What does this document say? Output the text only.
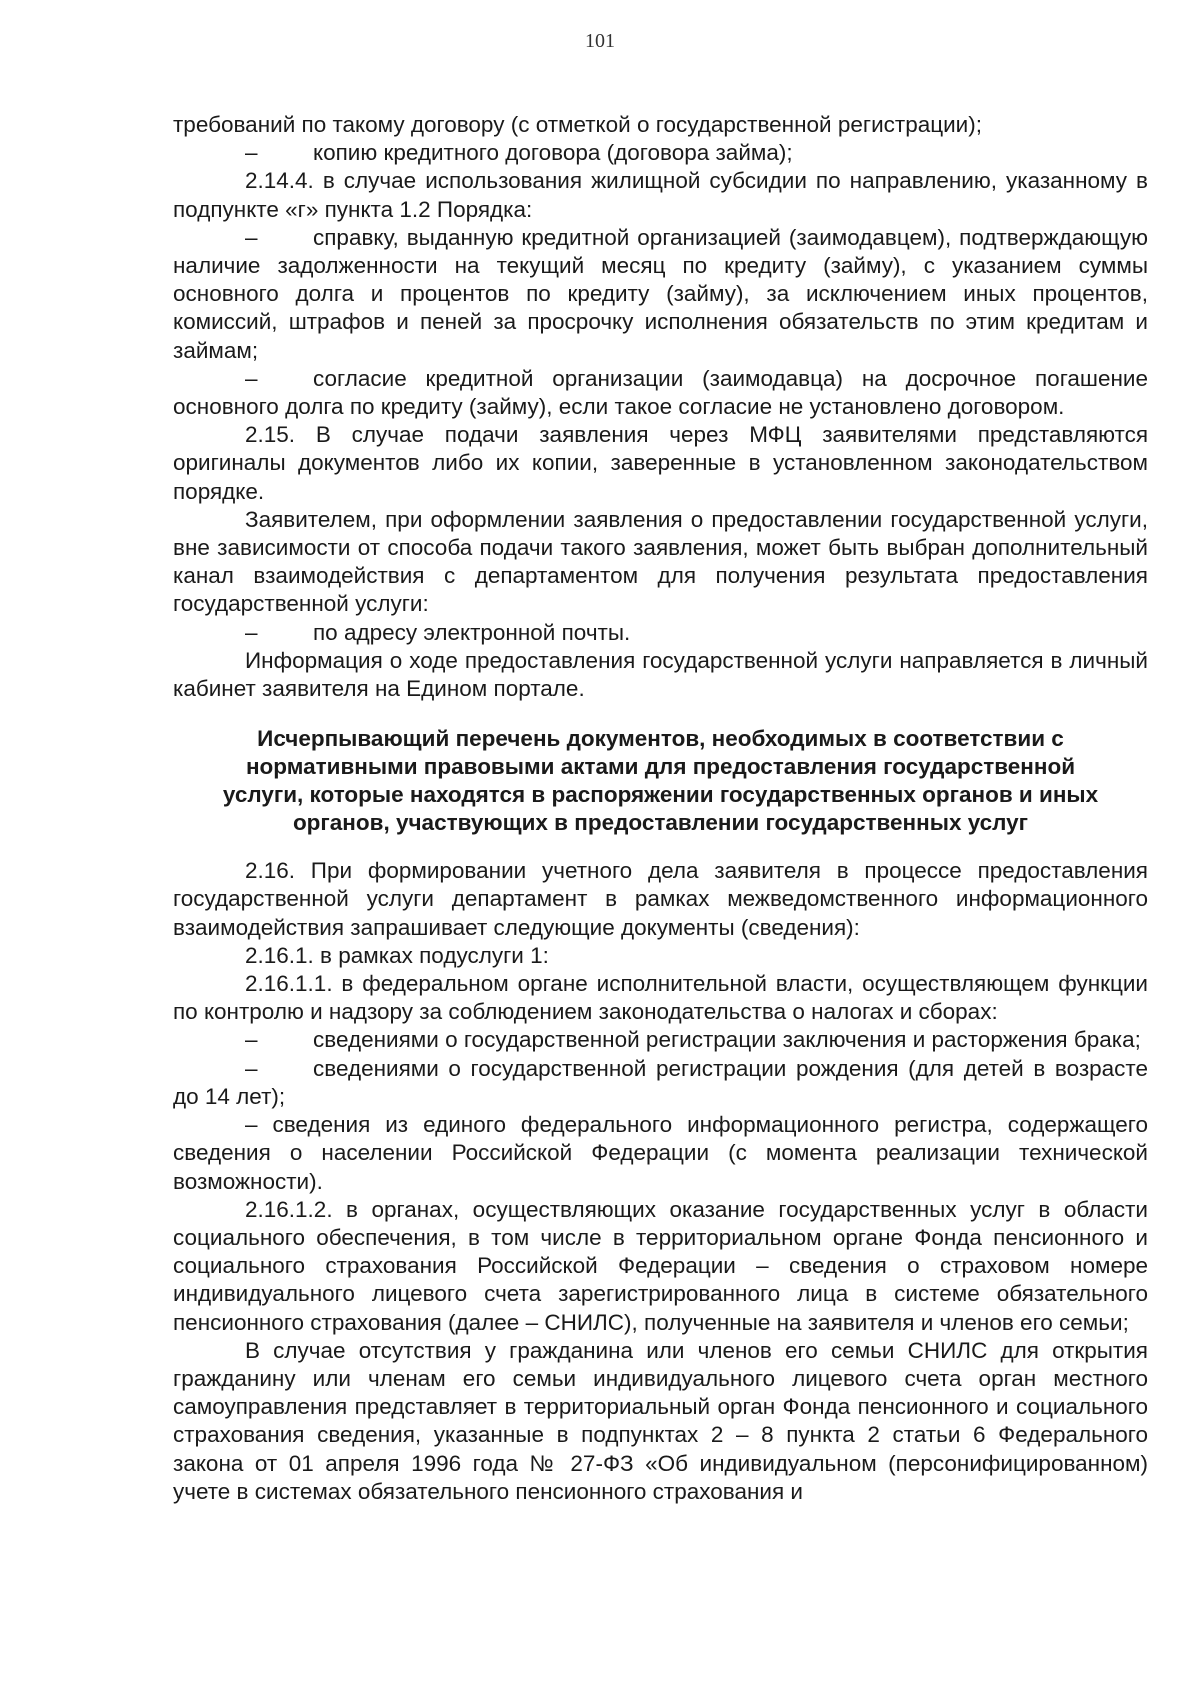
101

требований по такому договору (с отметкой о государственной регистрации);

– копию кредитного договора (договора займа);

2.14.4. в случае использования жилищной субсидии по направлению, указанному в подпункте «г» пункта 1.2 Порядка:

– справку, выданную кредитной организацией (заимодавцем), подтверждающую наличие задолженности на текущий месяц по кредиту (займу), с указанием суммы основного долга и процентов по кредиту (займу), за исключением иных процентов, комиссий, штрафов и пеней за просрочку исполнения обязательств по этим кредитам и займам;
– согласие кредитной организации (заимодавца) на досрочное погашение основного долга по кредиту (займу), если такое согласие не установлено договором.

2.15. В случае подачи заявления через МФЦ заявителями представляются оригиналы документов либо их копии, заверенные в установленном законодательством порядке.

Заявителем, при оформлении заявления о предоставлении государственной услуги, вне зависимости от способа подачи такого заявления, может быть выбран дополнительный канал взаимодействия с департаментом для получения результата предоставления государственной услуги:

– по адресу электронной почты.

Информация о ходе предоставления государственной услуги направляется в личный кабинет заявителя на Едином портале.

Исчерпывающий перечень документов, необходимых в соответствии с
нормативными правовыми актами для предоставления государственной
услуги, которые находятся в распоряжении государственных органов и иных
органов, участвующих в предоставлении государственных услуг

2.16. При формировании учетного дела заявителя в процессе предоставления государственной услуги департамент в рамках межведомственного информационного взаимодействия запрашивает следующие документы (сведения):

2.16.1. в рамках подуслуги 1:

2.16.1.1. в федеральном органе исполнительной власти, осуществляющем функции по контролю и надзору за соблюдением законодательства о налогах и сборах:

– сведениями о государственной регистрации заключения и расторжения брака;
– сведениями о государственной регистрации рождения (для детей в возрасте до 14 лет);

– сведения из единого федерального информационного регистра, содержащего сведения о населении Российской Федерации (с момента реализации технической возможности).

2.16.1.2. в органах, осуществляющих оказание государственных услуг в области социального обеспечения, в том числе в территориальном органе Фонда пенсионного и социального страхования Российской Федерации – сведения о страховом номере индивидуального лицевого счета зарегистрированного лица в системе обязательного пенсионного страхования (далее – СНИЛС), полученные на заявителя и членов его семьи;

В случае отсутствия у гражданина или членов его семьи СНИЛС для открытия гражданину или членам его семьи индивидуального лицевого счета орган местного самоуправления представляет в территориальный орган Фонда пенсионного и социального страхования сведения, указанные в подпунктах 2 – 8 пункта 2 статьи 6 Федерального закона от 01 апреля 1996 года № 27-ФЗ «Об индивидуальном (персонифицированном) учете в системах обязательного пенсионного страхования и
